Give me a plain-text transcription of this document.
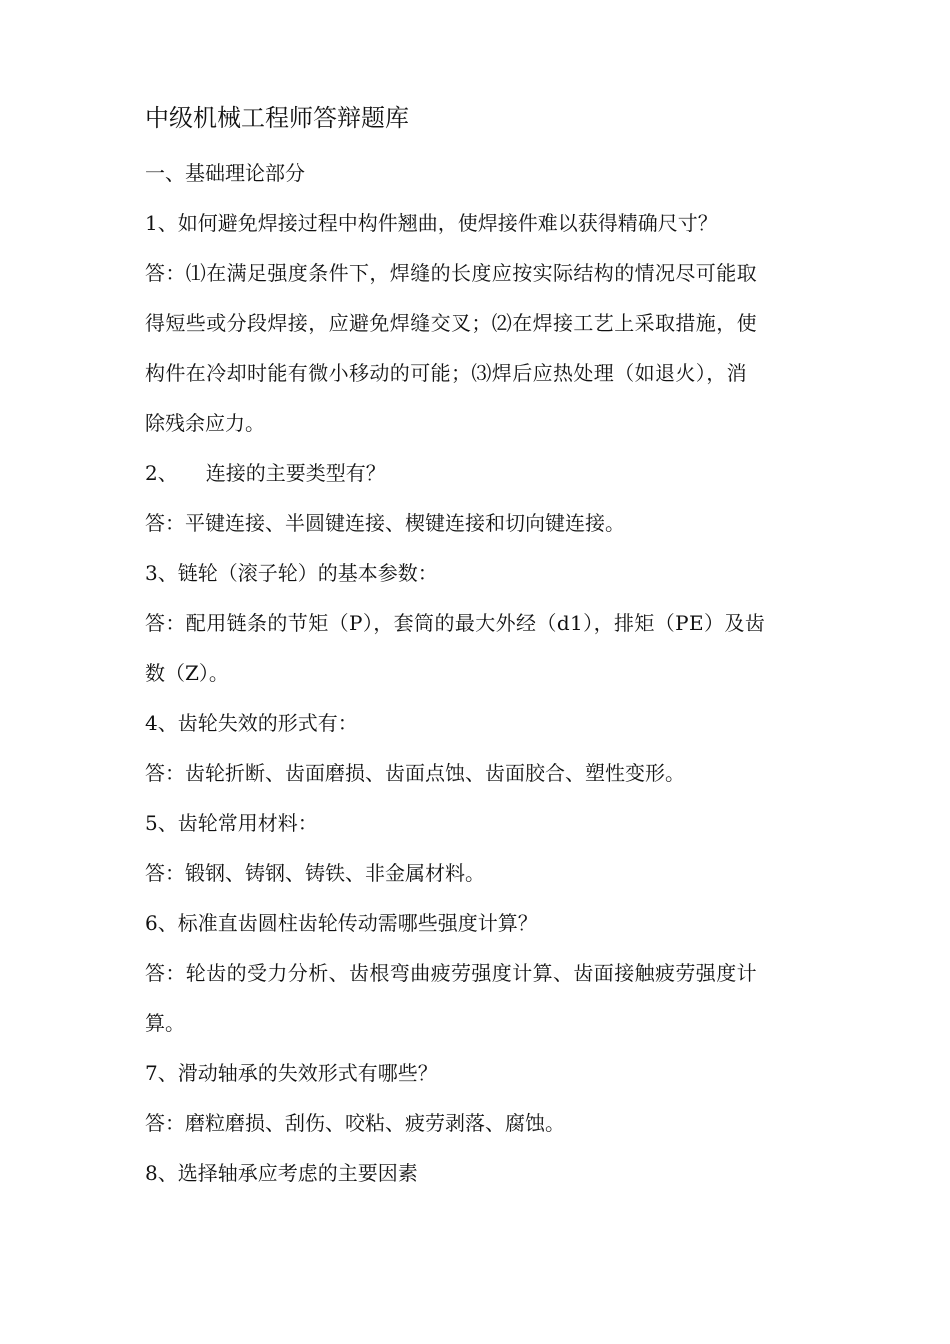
中级机械工程师答辩题库
一、基础理论部分
1、如何避免焊接过程中构件翘曲，使焊接件难以获得精确尺寸？
答：⑴在满足强度条件下，焊缝的长度应按实际结构的情况尽可能取
得短些或分段焊接，应避免焊缝交叉；⑵在焊接工艺上采取措施，使
构件在冷却时能有微小移动的可能；⑶焊后应热处理（如退火），消
除残余应力。
2、 连接的主要类型有？
答：平键连接、半圆键连接、楔键连接和切向键连接。
3、链轮（滚子轮）的基本参数：
答：配用链条的节矩（P），套筒的最大外经（d1），排矩（PE）及齿
数（Z）。
4、齿轮失效的形式有：
答：齿轮折断、齿面磨损、齿面点蚀、齿面胶合、塑性变形。
5、齿轮常用材料：
答：锻钢、铸钢、铸铁、非金属材料。
6、标准直齿圆柱齿轮传动需哪些强度计算？
答：轮齿的受力分析、齿根弯曲疲劳强度计算、齿面接触疲劳强度计
算。
7、滑动轴承的失效形式有哪些？
答：磨粒磨损、刮伤、咬粘、疲劳剥落、腐蚀。
8、选择轴承应考虑的主要因素
